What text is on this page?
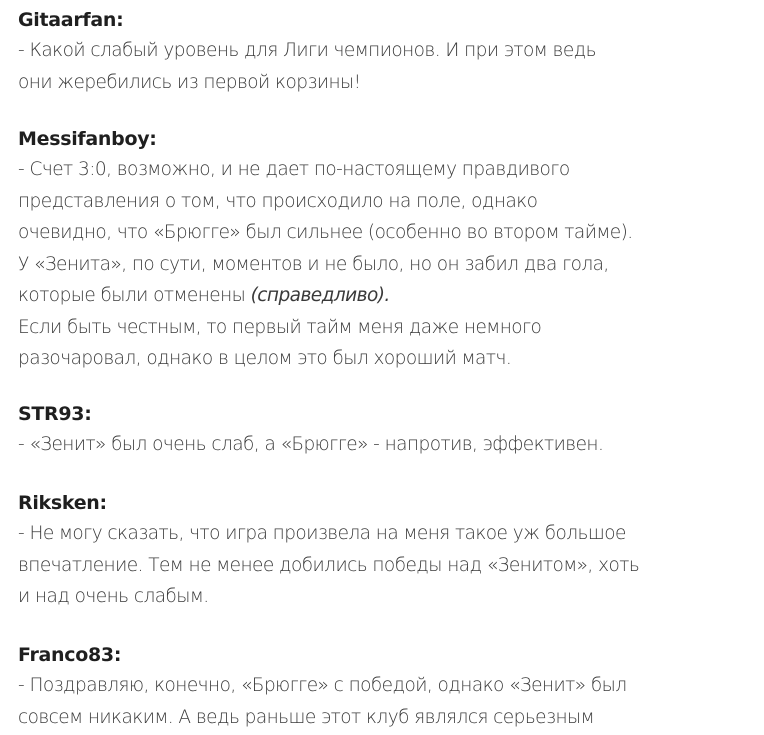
Gitaarfan:
- Какой слабый уровень для Лиги чемпионов. И при этом ведь
они жеребились из первой корзины!
Messifanboy:
- Счет 3:0, возможно, и не дает по-настоящему правдивого
представления о том, что происходило на поле, однако
очевидно, что «Брюгге» был сильнее (особенно во втором тайме).
У «Зенита», по сути, моментов и не было, но он забил два гола,
которые были отменены (справедливо).
Если быть честным, то первый тайм меня даже немного
разочаровал, однако в целом это был хороший матч.
STR93:
- «Зенит» был очень слаб, а «Брюгге» - напротив, эффективен.
Riksken:
- Не могу сказать, что игра произвела на меня такое уж большое
впечатление. Тем не менее добились победы над «Зенитом», хоть
и над очень слабым.
Franco83:
- Поздравляю, конечно, «Брюгге» с победой, однако «Зенит» был
совсем никаким. А ведь раньше этот клуб являлся серьезным
